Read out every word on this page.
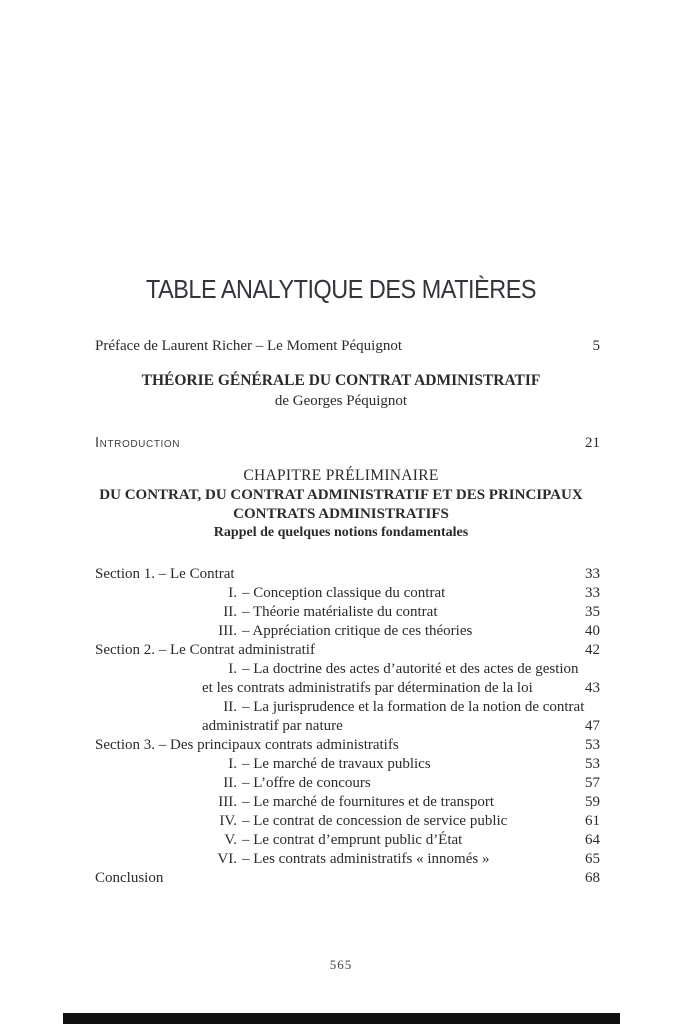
TABLE ANALYTIQUE DES MATIÈRES
Préface de Laurent Richer – Le Moment Péquignot	5
THÉORIE GÉNÉRALE DU CONTRAT ADMINISTRATIF
de Georges Péquignot
Introduction	21
CHAPITRE PRÉLIMINAIRE
DU CONTRAT, DU CONTRAT ADMINISTRATIF ET DES PRINCIPAUX
CONTRATS ADMINISTRATIFS
Rappel de quelques notions fondamentales
Section 1. – Le Contrat	33
I. – Conception classique du contrat	33
II. – Théorie matérialiste du contrat	35
III. – Appréciation critique de ces théories	40
Section 2. – Le Contrat administratif	42
I. – La doctrine des actes d’autorité et des actes de gestion
et les contrats administratifs par détermination de la loi	43
II. – La jurisprudence et la formation de la notion de contrat
administratif par nature	47
Section 3. – Des principaux contrats administratifs	53
I. – Le marché de travaux publics	53
II. – L’offre de concours	57
III. – Le marché de fournitures et de transport	59
IV. – Le contrat de concession de service public	61
V. – Le contrat d’emprunt public d’État	64
VI. – Les contrats administratifs « innomés »	65
Conclusion	68
565
